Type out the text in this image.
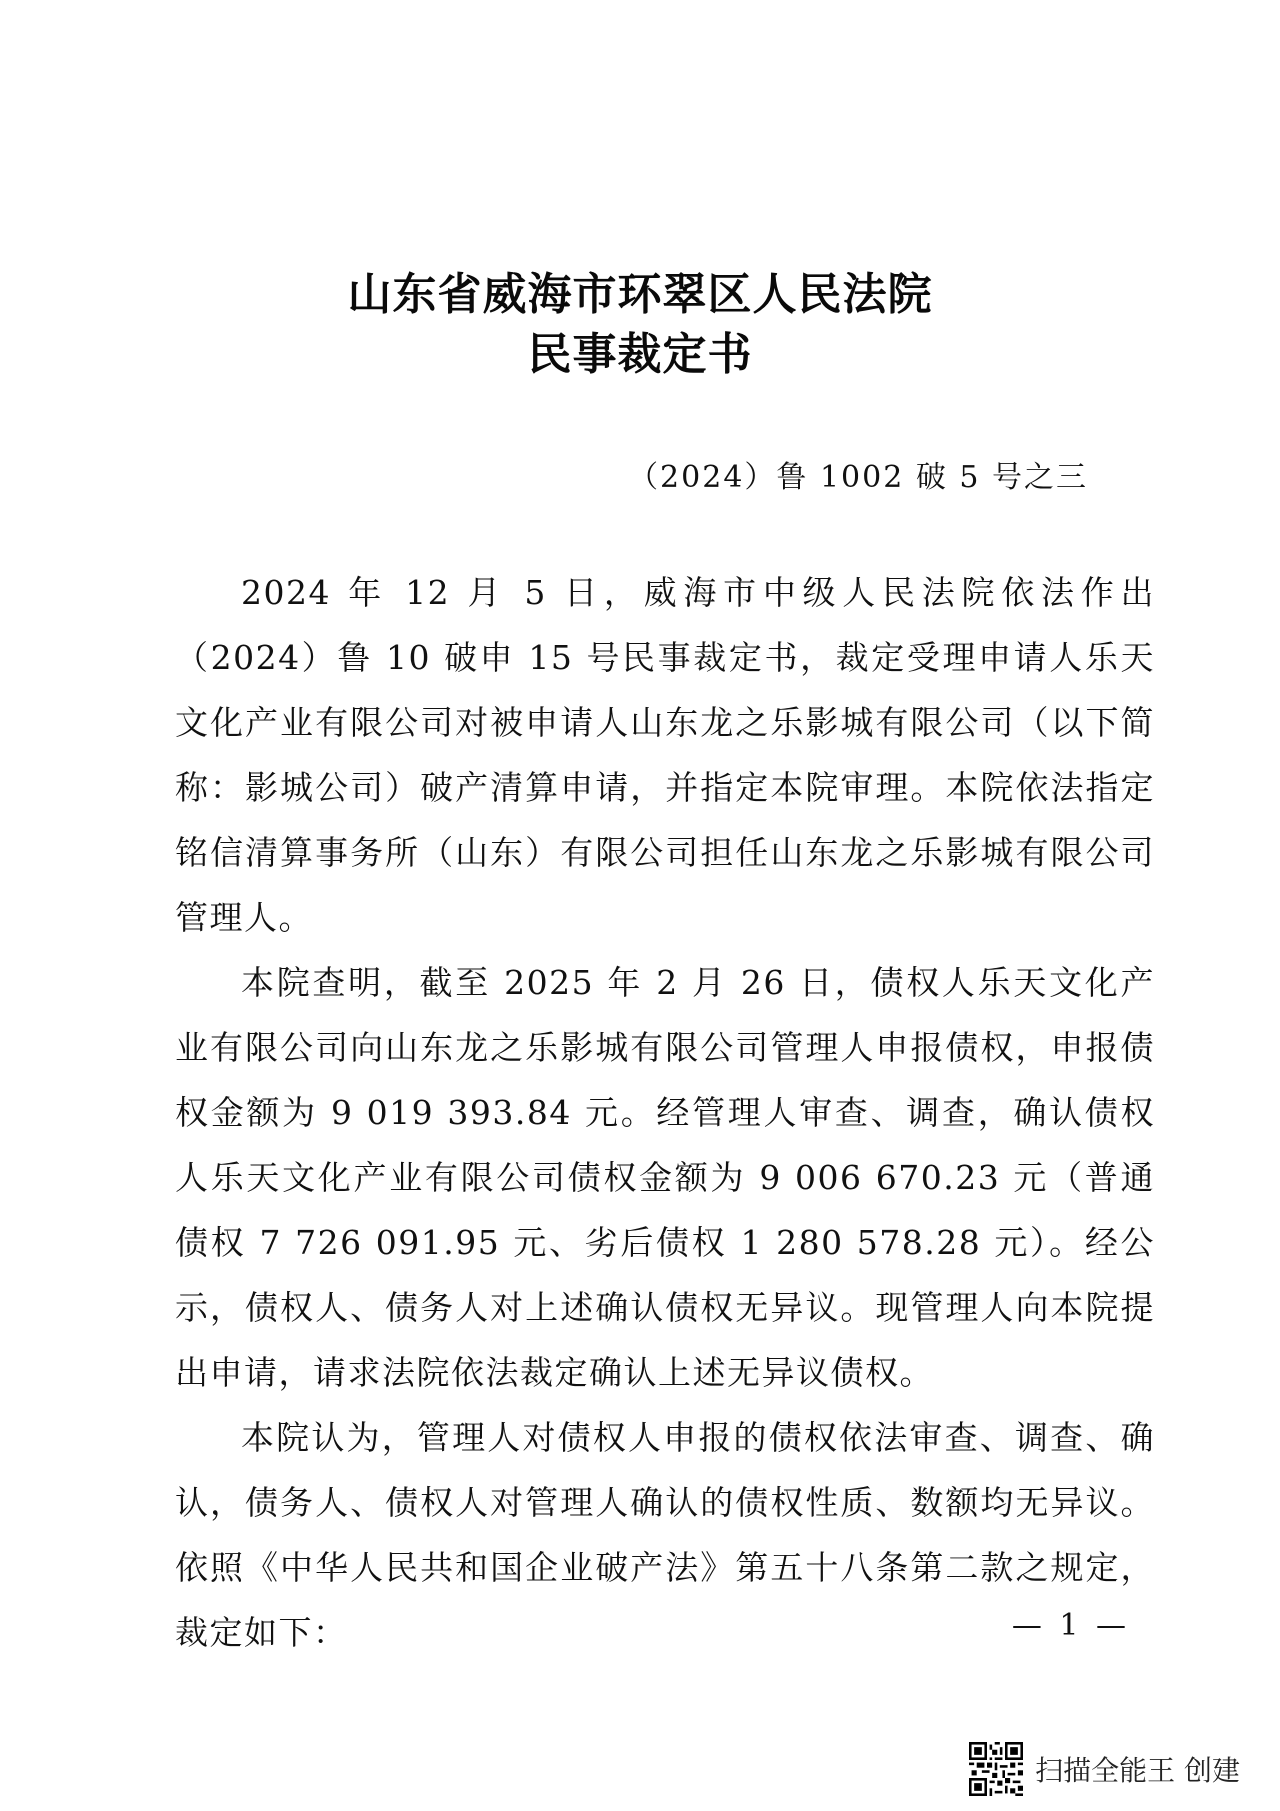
山东省威海市环翠区人民法院
民事裁定书
（2024）鲁 1002 破 5 号之三

2024 年 12 月 5 日，威海市中级人民法院依法作出（2024）鲁 10 破申 15 号民事裁定书，裁定受理申请人乐天文化产业有限公司对被申请人山东龙之乐影城有限公司（以下简称：影城公司）破产清算申请，并指定本院审理。本院依法指定铭信清算事务所（山东）有限公司担任山东龙之乐影城有限公司管理人。

本院查明，截至 2025 年 2 月 26 日，债权人乐天文化产业有限公司向山东龙之乐影城有限公司管理人申报债权，申报债权金额为 9 019 393.84 元。经管理人审查、调查，确认债权人乐天文化产业有限公司债权金额为 9 006 670.23 元（普通债权 7 726 091.95 元、劣后债权 1 280 578.28 元）。经公示，债权人、债务人对上述确认债权无异议。现管理人向本院提出申请，请求法院依法裁定确认上述无异议债权。

本院认为，管理人对债权人申报的债权依法审查、调查、确认，债务人、债权人对管理人确认的债权性质、数额均无异议。依照《中华人民共和国企业破产法》第五十八条第二款之规定，裁定如下：	— 1 —
扫描全能王 创建
